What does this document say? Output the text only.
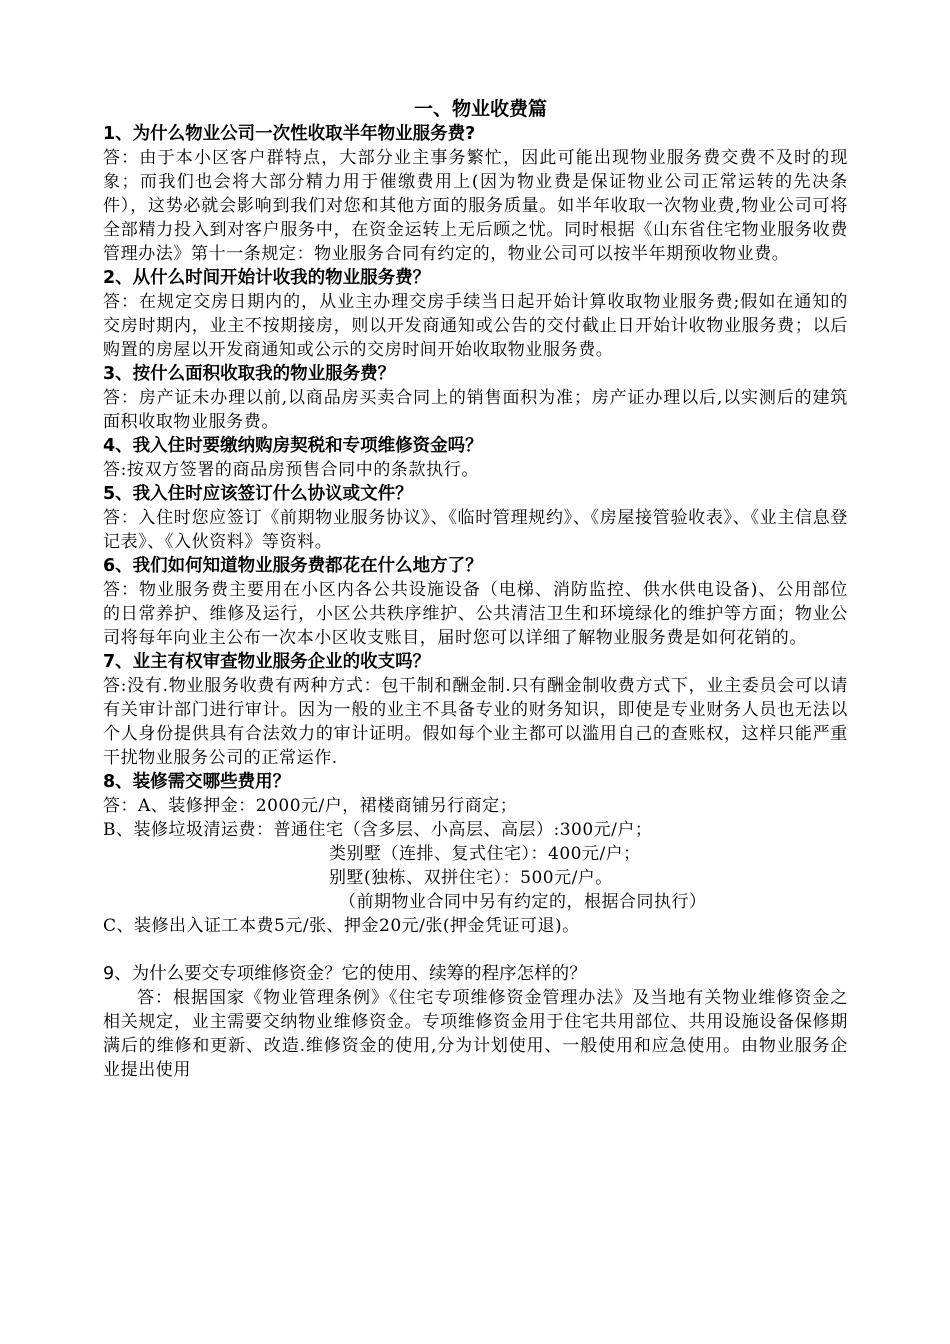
一、物业收费篇
1、为什么物业公司一次性收取半年物业服务费?
答：由于本小区客户群特点，大部分业主事务繁忙，因此可能出现物业服务费交费不及时的现象；而我们也会将大部分精力用于催缴费用上(因为物业费是保证物业公司正常运转的先决条件），这势必就会影响到我们对您和其他方面的服务质量。如半年收取一次物业费,物业公司可将全部精力投入到对客户服务中，在资金运转上无后顾之忧。同时根据《山东省住宅物业服务收费管理办法》第十一条规定：物业服务合同有约定的，物业公司可以按半年期预收物业费。
2、从什么时间开始计收我的物业服务费？
答：在规定交房日期内的，从业主办理交房手续当日起开始计算收取物业服务费;假如在通知的交房时期内，业主不按期接房，则以开发商通知或公告的交付截止日开始计收物业服务费；以后购置的房屋以开发商通知或公示的交房时间开始收取物业服务费。
3、按什么面积收取我的物业服务费？
答：房产证未办理以前,以商品房买卖合同上的销售面积为准；房产证办理以后,以实测后的建筑面积收取物业服务费。
4、我入住时要缴纳购房契税和专项维修资金吗？
答:按双方签署的商品房预售合同中的条款执行。
5、我入住时应该签订什么协议或文件？
答：入住时您应签订《前期物业服务协议》、《临时管理规约》、《房屋接管验收表》、《业主信息登记表》、《入伙资料》等资料。
6、我们如何知道物业服务费都花在什么地方了？
答：物业服务费主要用在小区内各公共设施设备（电梯、消防监控、供水供电设备)、公用部位的日常养护、维修及运行，小区公共秩序维护、公共清洁卫生和环境绿化的维护等方面；物业公司将每年向业主公布一次本小区收支账目，届时您可以详细了解物业服务费是如何花销的。
7、业主有权审查物业服务企业的收支吗？
答:没有.物业服务收费有两种方式：包干制和酬金制.只有酬金制收费方式下，业主委员会可以请有关审计部门进行审计。因为一般的业主不具备专业的财务知识，即使是专业财务人员也无法以个人身份提供具有合法效力的审计证明。假如每个业主都可以滥用自己的查账权，这样只能严重干扰物业服务公司的正常运作.
8、装修需交哪些费用？
答：A、装修押金：2000元/户，裙楼商铺另行商定；
B、装修垃圾清运费：普通住宅（含多层、小高层、高层）:300元/户；
类别墅（连排、复式住宅）：400元/户；
别墅(独栋、双拼住宅）：500元/户。
（前期物业合同中另有约定的，根据合同执行）
C、装修出入证工本费5元/张、押金20元/张(押金凭证可退)。
9、为什么要交专项维修资金？它的使用、续筹的程序怎样的？
答：根据国家《物业管理条例》《住宅专项维修资金管理办法》及当地有关物业维修资金之相关规定，业主需要交纳物业维修资金。专项维修资金用于住宅共用部位、共用设施设备保修期满后的维修和更新、改造.维修资金的使用,分为计划使用、一般使用和应急使用。由物业服务企业提出使用
